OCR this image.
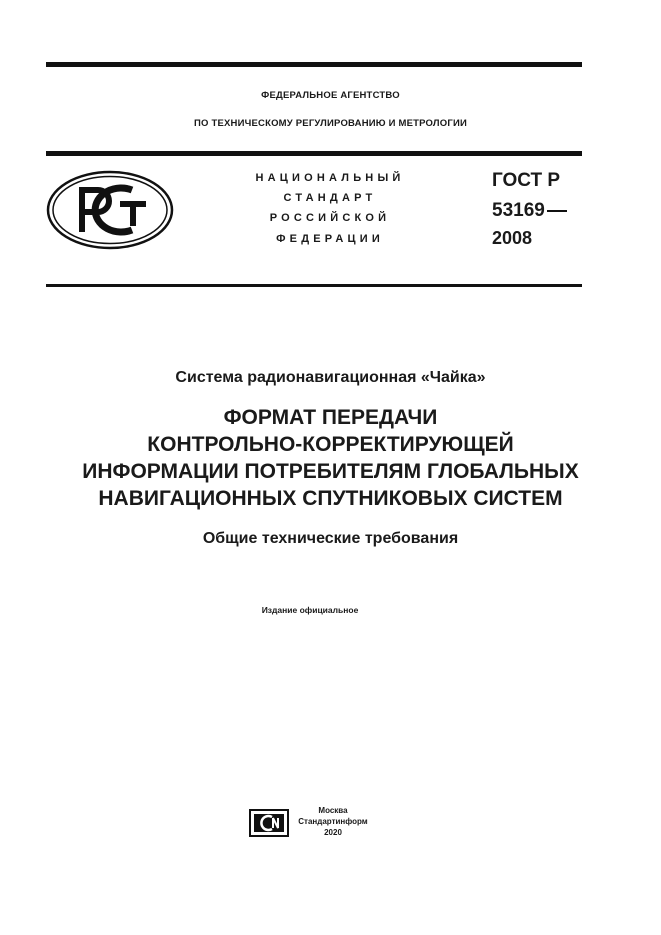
ФЕДЕРАЛЬНОЕ АГЕНТСТВО
ПО ТЕХНИЧЕСКОМУ РЕГУЛИРОВАНИЮ И МЕТРОЛОГИИ
НАЦИОНАЛЬНЫЙ
СТАНДАРТ
РОССИЙСКОЙ
ФЕДЕРАЦИИ
ГОСТ Р
53169
2008
Система радионавигационная «Чайка»
ФОРМАТ ПЕРЕДАЧИ
КОНТРОЛЬНО-КОРРЕКТИРУЮЩЕЙ
ИНФОРМАЦИИ ПОТРЕБИТЕЛЯМ ГЛОБАЛЬНЫХ
НАВИГАЦИОННЫХ СПУТНИКОВЫХ СИСТЕМ
Общие технические требования
Издание официальное
Москва
Стандартинформ
2020
